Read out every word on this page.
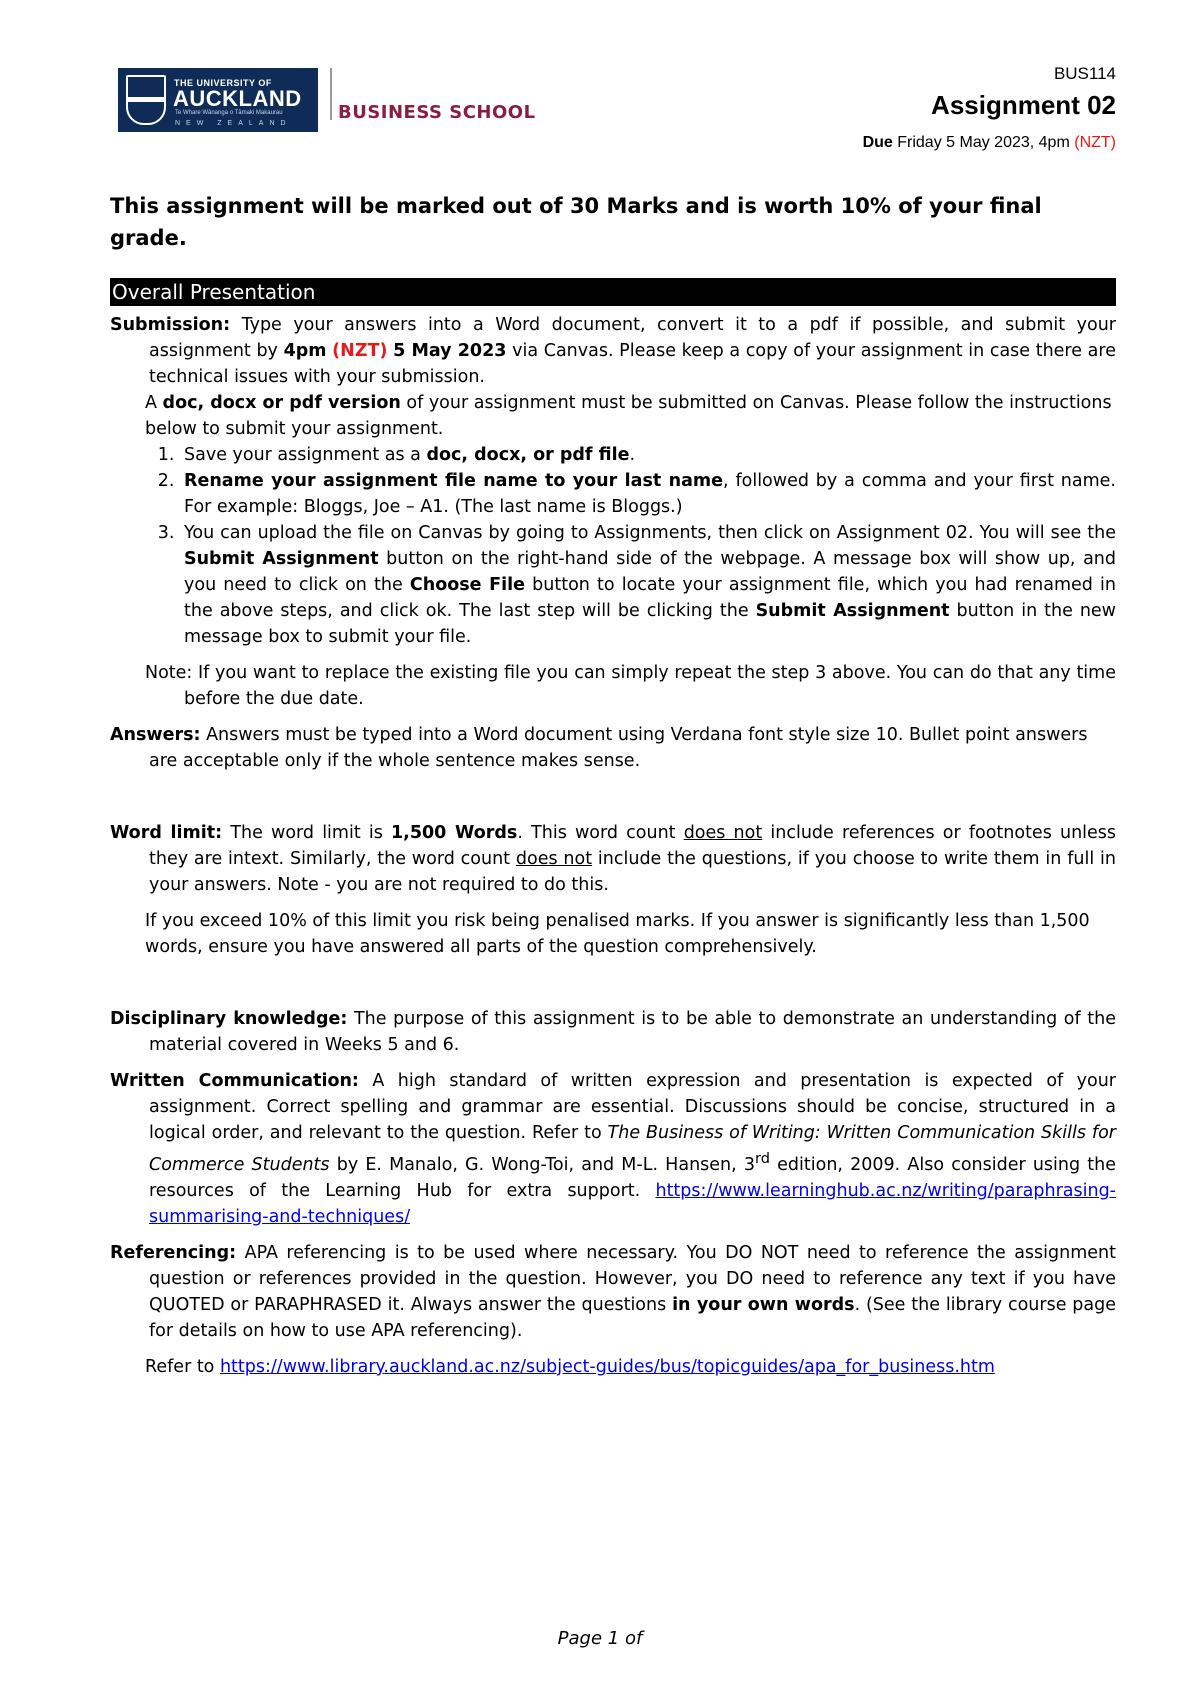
THE UNIVERSITY OF
AUCKLAND
Te Whare Wānanga o Tāmaki Makaurau
NEW ZEALAND
BUSINESS SCHOOL
BUS114
Assignment 02
Due Friday 5 May 2023, 4pm (NZT)

This assignment will be marked out of 30 Marks and is worth 10% of your final grade.

Overall Presentation

Submission: Type your answers into a Word document, convert it to a pdf if possible, and submit your assignment by 4pm (NZT) 5 May 2023 via Canvas. Please keep a copy of your assignment in case there are technical issues with your submission.

A doc, docx or pdf version of your assignment must be submitted on Canvas. Please follow the instructions below to submit your assignment.

1. Save your assignment as a doc, docx, or pdf file.
2. Rename your assignment file name to your last name, followed by a comma and your first name. For example: Bloggs, Joe – A1. (The last name is Bloggs.)
3. You can upload the file on Canvas by going to Assignments, then click on Assignment 02. You will see the Submit Assignment button on the right-hand side of the webpage. A message box will show up, and you need to click on the Choose File button to locate your assignment file, which you had renamed in the above steps, and click ok. The last step will be clicking the Submit Assignment button in the new message box to submit your file.

Note: If you want to replace the existing file you can simply repeat the step 3 above. You can do that any time before the due date.

Answers: Answers must be typed into a Word document using Verdana font style size 10. Bullet point answers are acceptable only if the whole sentence makes sense.

Word limit: The word limit is 1,500 Words. This word count does not include references or footnotes unless they are intext. Similarly, the word count does not include the questions, if you choose to write them in full in your answers. Note - you are not required to do this.

If you exceed 10% of this limit you risk being penalised marks. If you answer is significantly less than 1,500 words, ensure you have answered all parts of the question comprehensively.

Disciplinary knowledge: The purpose of this assignment is to be able to demonstrate an understanding of the material covered in Weeks 5 and 6.

Written Communication: A high standard of written expression and presentation is expected of your assignment. Correct spelling and grammar are essential. Discussions should be concise, structured in a logical order, and relevant to the question. Refer to The Business of Writing: Written Communication Skills for Commerce Students by E. Manalo, G. Wong-Toi, and M-L. Hansen, 3rd edition, 2009. Also consider using the resources of the Learning Hub for extra support. https://www.learninghub.ac.nz/writing/paraphrasing-summarising-and-techniques/

Referencing: APA referencing is to be used where necessary. You DO NOT need to reference the assignment question or references provided in the question. However, you DO need to reference any text if you have QUOTED or PARAPHRASED it. Always answer the questions in your own words. (See the library course page for details on how to use APA referencing).

Refer to https://www.library.auckland.ac.nz/subject-guides/bus/topicguides/apa_for_business.htm

Page 1 of
